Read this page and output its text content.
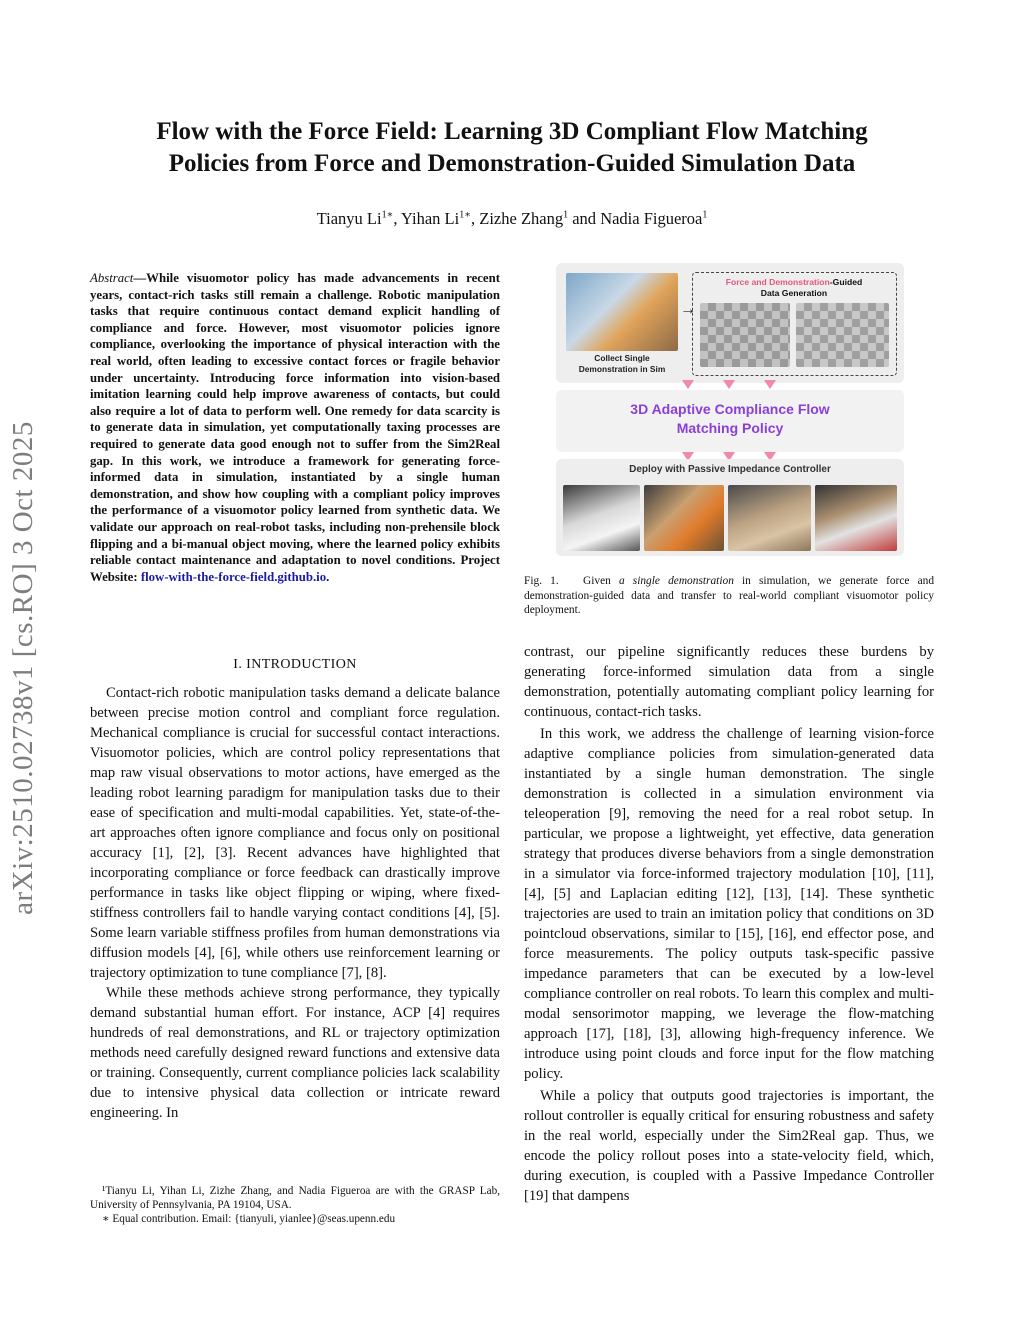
arXiv:2510.02738v1 [cs.RO] 3 Oct 2025
Flow with the Force Field: Learning 3D Compliant Flow Matching
Policies from Force and Demonstration-Guided Simulation Data
Tianyu $Li^{1∗}$, Yihan $Li^{1∗}$, Zizhe Zhang$^1$ and Nadia Figueroa$^1$
Abstract—While visuomotor policy has made advancements in recent years, contact-rich tasks still remain a challenge. Robotic manipulation tasks that require continuous contact demand explicit handling of compliance and force. However, most visuomotor policies ignore compliance, overlooking the importance of physical interaction with the real world, often leading to excessive contact forces or fragile behavior under uncertainty. Introducing force information into vision-based imitation learning could help improve awareness of contacts, but could also require a lot of data to perform well. One remedy for data scarcity is to generate data in simulation, yet computationally taxing processes are required to generate data good enough not to suffer from the Sim2Real gap. In this work, we introduce a framework for generating force-informed data in simulation, instantiated by a single human demonstration, and show how coupling with a compliant policy improves the performance of a visuomotor policy learned from synthetic data. We validate our approach on real-robot tasks, including non-prehensile block flipping and a bi-manual object moving, where the learned policy exhibits reliable contact maintenance and adaptation to novel conditions. Project Website: flow-with-the-force-field.github.io.
I. INTRODUCTION

Contact-rich robotic manipulation tasks demand a delicate balance between precise motion control and compliant force regulation. Mechanical compliance is crucial for successful contact interactions. Visuomotor policies, which are control policy representations that map raw visual observations to motor actions, have emerged as the leading robot learning paradigm for manipulation tasks due to their ease of specification and multi-modal capabilities. Yet, state-of-the-art approaches often ignore compliance and focus only on positional accuracy [1], [2], [3]. Recent advances have highlighted that incorporating compliance or force feedback can drastically improve performance in tasks like object flipping or wiping, where fixed-stiffness controllers fail to handle varying contact conditions [4], [5]. Some learn variable stiffness profiles from human demonstrations via diffusion models [4], [6], while others use reinforcement learning or trajectory optimization to tune compliance [7], [8].

While these methods achieve strong performance, they typically demand substantial human effort. For instance, ACP [4] requires hundreds of real demonstrations, and RL or trajectory optimization methods need carefully designed reward functions and extensive data or training. Consequently, current compliance policies lack scalability due to intensive physical data collection or intricate reward engineering. In

¹Tianyu Li, Yihan Li, Zizhe Zhang, and Nadia Figueroa are with the GRASP Lab, University of Pennsylvania, PA 19104, USA.

∗ Equal contribution. Email: {tianyuli, yianlee}@seas.upenn.edu

Collect Single
Demonstration in Sim
→
Force and Demonstration-Guided
Data Generation
3D Adaptive Compliance Flow
Matching Policy
Deploy with Passive Impedance Controller
Fig. 1. Given a single demonstration in simulation, we generate force and demonstration-guided data and transfer to real-world compliant visuomotor policy deployment.

contrast, our pipeline significantly reduces these burdens by generating force-informed simulation data from a single demonstration, potentially automating compliant policy learning for continuous, contact-rich tasks.

In this work, we address the challenge of learning vision-force adaptive compliance policies from simulation-generated data instantiated by a single human demonstration. The single demonstration is collected in a simulation environment via teleoperation [9], removing the need for a real robot setup. In particular, we propose a lightweight, yet effective, data generation strategy that produces diverse behaviors from a single demonstration in a simulator via force-informed trajectory modulation [10], [11], [4], [5] and Laplacian editing [12], [13], [14]. These synthetic trajectories are used to train an imitation policy that conditions on 3D pointcloud observations, similar to [15], [16], end effector pose, and force measurements. The policy outputs task-specific passive impedance parameters that can be executed by a low-level compliance controller on real robots. To learn this complex and multi-modal sensorimotor mapping, we leverage the flow-matching approach [17], [18], [3], allowing high-frequency inference. We introduce using point clouds and force input for the flow matching policy.

While a policy that outputs good trajectories is important, the rollout controller is equally critical for ensuring robustness and safety in the real world, especially under the Sim2Real gap. Thus, we encode the policy rollout poses into a state-velocity field, which, during execution, is coupled with a Passive Impedance Controller [19] that dampens
